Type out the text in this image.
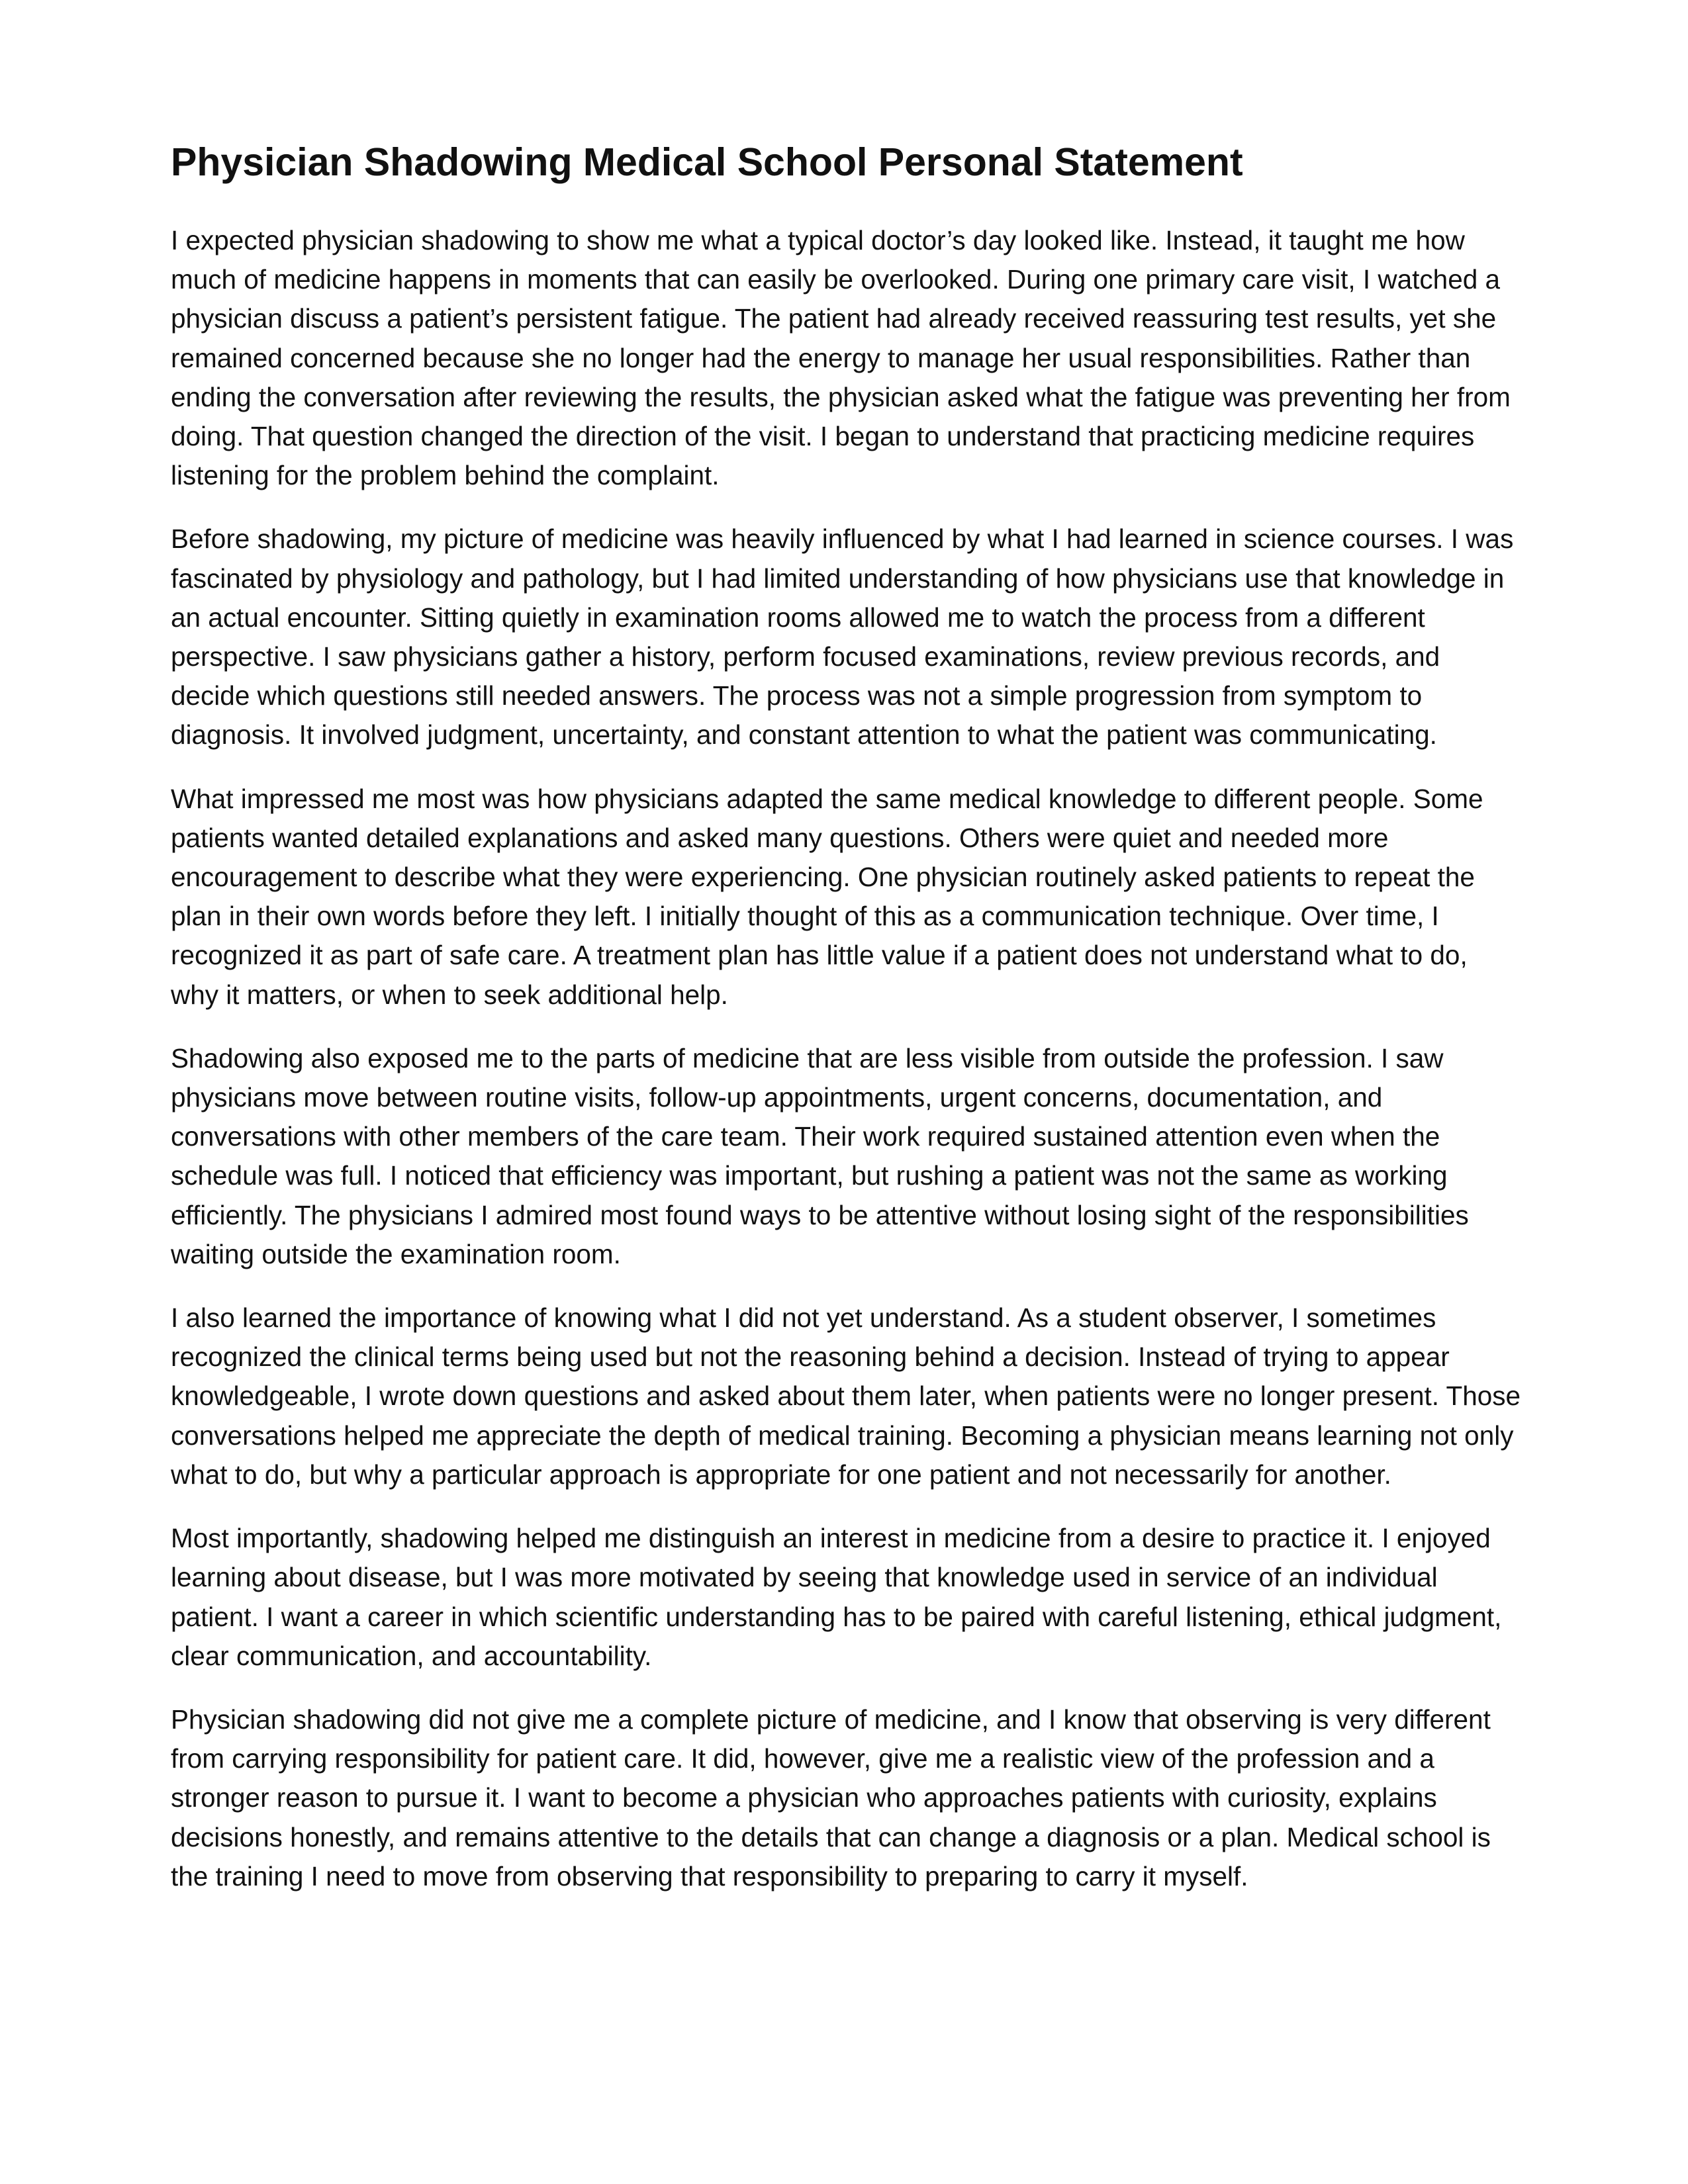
Physician Shadowing Medical School Personal Statement

I expected physician shadowing to show me what a typical doctor’s day looked like. Instead, it taught me how much of medicine happens in moments that can easily be overlooked. During one primary care visit, I watched a physician discuss a patient’s persistent fatigue. The patient had already received reassuring test results, yet she remained concerned because she no longer had the energy to manage her usual responsibilities. Rather than ending the conversation after reviewing the results, the physician asked what the fatigue was preventing her from doing. That question changed the direction of the visit. I began to understand that practicing medicine requires listening for the problem behind the complaint.

Before shadowing, my picture of medicine was heavily influenced by what I had learned in science courses. I was fascinated by physiology and pathology, but I had limited understanding of how physicians use that knowledge in an actual encounter. Sitting quietly in examination rooms allowed me to watch the process from a different perspective. I saw physicians gather a history, perform focused examinations, review previous records, and decide which questions still needed answers. The process was not a simple progression from symptom to diagnosis. It involved judgment, uncertainty, and constant attention to what the patient was communicating.

What impressed me most was how physicians adapted the same medical knowledge to different people. Some patients wanted detailed explanations and asked many questions. Others were quiet and needed more encouragement to describe what they were experiencing. One physician routinely asked patients to repeat the plan in their own words before they left. I initially thought of this as a communication technique. Over time, I recognized it as part of safe care. A treatment plan has little value if a patient does not understand what to do, why it matters, or when to seek additional help.

Shadowing also exposed me to the parts of medicine that are less visible from outside the profession. I saw physicians move between routine visits, follow-up appointments, urgent concerns, documentation, and conversations with other members of the care team. Their work required sustained attention even when the schedule was full. I noticed that efficiency was important, but rushing a patient was not the same as working efficiently. The physicians I admired most found ways to be attentive without losing sight of the responsibilities waiting outside the examination room.

I also learned the importance of knowing what I did not yet understand. As a student observer, I sometimes recognized the clinical terms being used but not the reasoning behind a decision. Instead of trying to appear knowledgeable, I wrote down questions and asked about them later, when patients were no longer present. Those conversations helped me appreciate the depth of medical training. Becoming a physician means learning not only what to do, but why a particular approach is appropriate for one patient and not necessarily for another.

Most importantly, shadowing helped me distinguish an interest in medicine from a desire to practice it. I enjoyed learning about disease, but I was more motivated by seeing that knowledge used in service of an individual patient. I want a career in which scientific understanding has to be paired with careful listening, ethical judgment, clear communication, and accountability.

Physician shadowing did not give me a complete picture of medicine, and I know that observing is very different from carrying responsibility for patient care. It did, however, give me a realistic view of the profession and a stronger reason to pursue it. I want to become a physician who approaches patients with curiosity, explains decisions honestly, and remains attentive to the details that can change a diagnosis or a plan. Medical school is the training I need to move from observing that responsibility to preparing to carry it myself.
